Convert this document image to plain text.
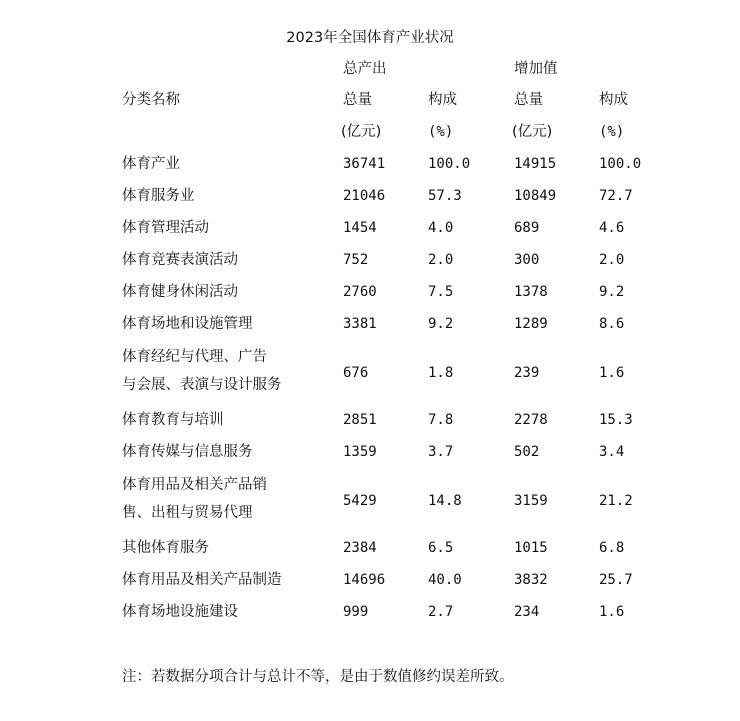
2023年全国体育产业状况
总产出	增加值
分类名称	总量	构成	总量	构成
(亿元)	(%)	(亿元)	(%)
体育产业	36741	100.0	14915	100.0
体育服务业	21046	57.3	10849	72.7
体育管理活动	1454	4.0	689	4.6
体育竞赛表演活动	752	2.0	300	2.0
体育健身休闲活动	2760	7.5	1378	9.2
体育场地和设施管理	3381	9.2	1289	8.6
体育经纪与代理、广告
与会展、表演与设计服务
676	1.8	239	1.6
体育教育与培训	2851	7.8	2278	15.3
体育传媒与信息服务	1359	3.7	502	3.4
体育用品及相关产品销
售、出租与贸易代理
5429	14.8	3159	21.2
其他体育服务	2384	6.5	1015	6.8
体育用品及相关产品制造	14696	40.0	3832	25.7
体育场地设施建设	999	2.7	234	1.6
注：若数据分项合计与总计不等，是由于数值修约误差所致。
